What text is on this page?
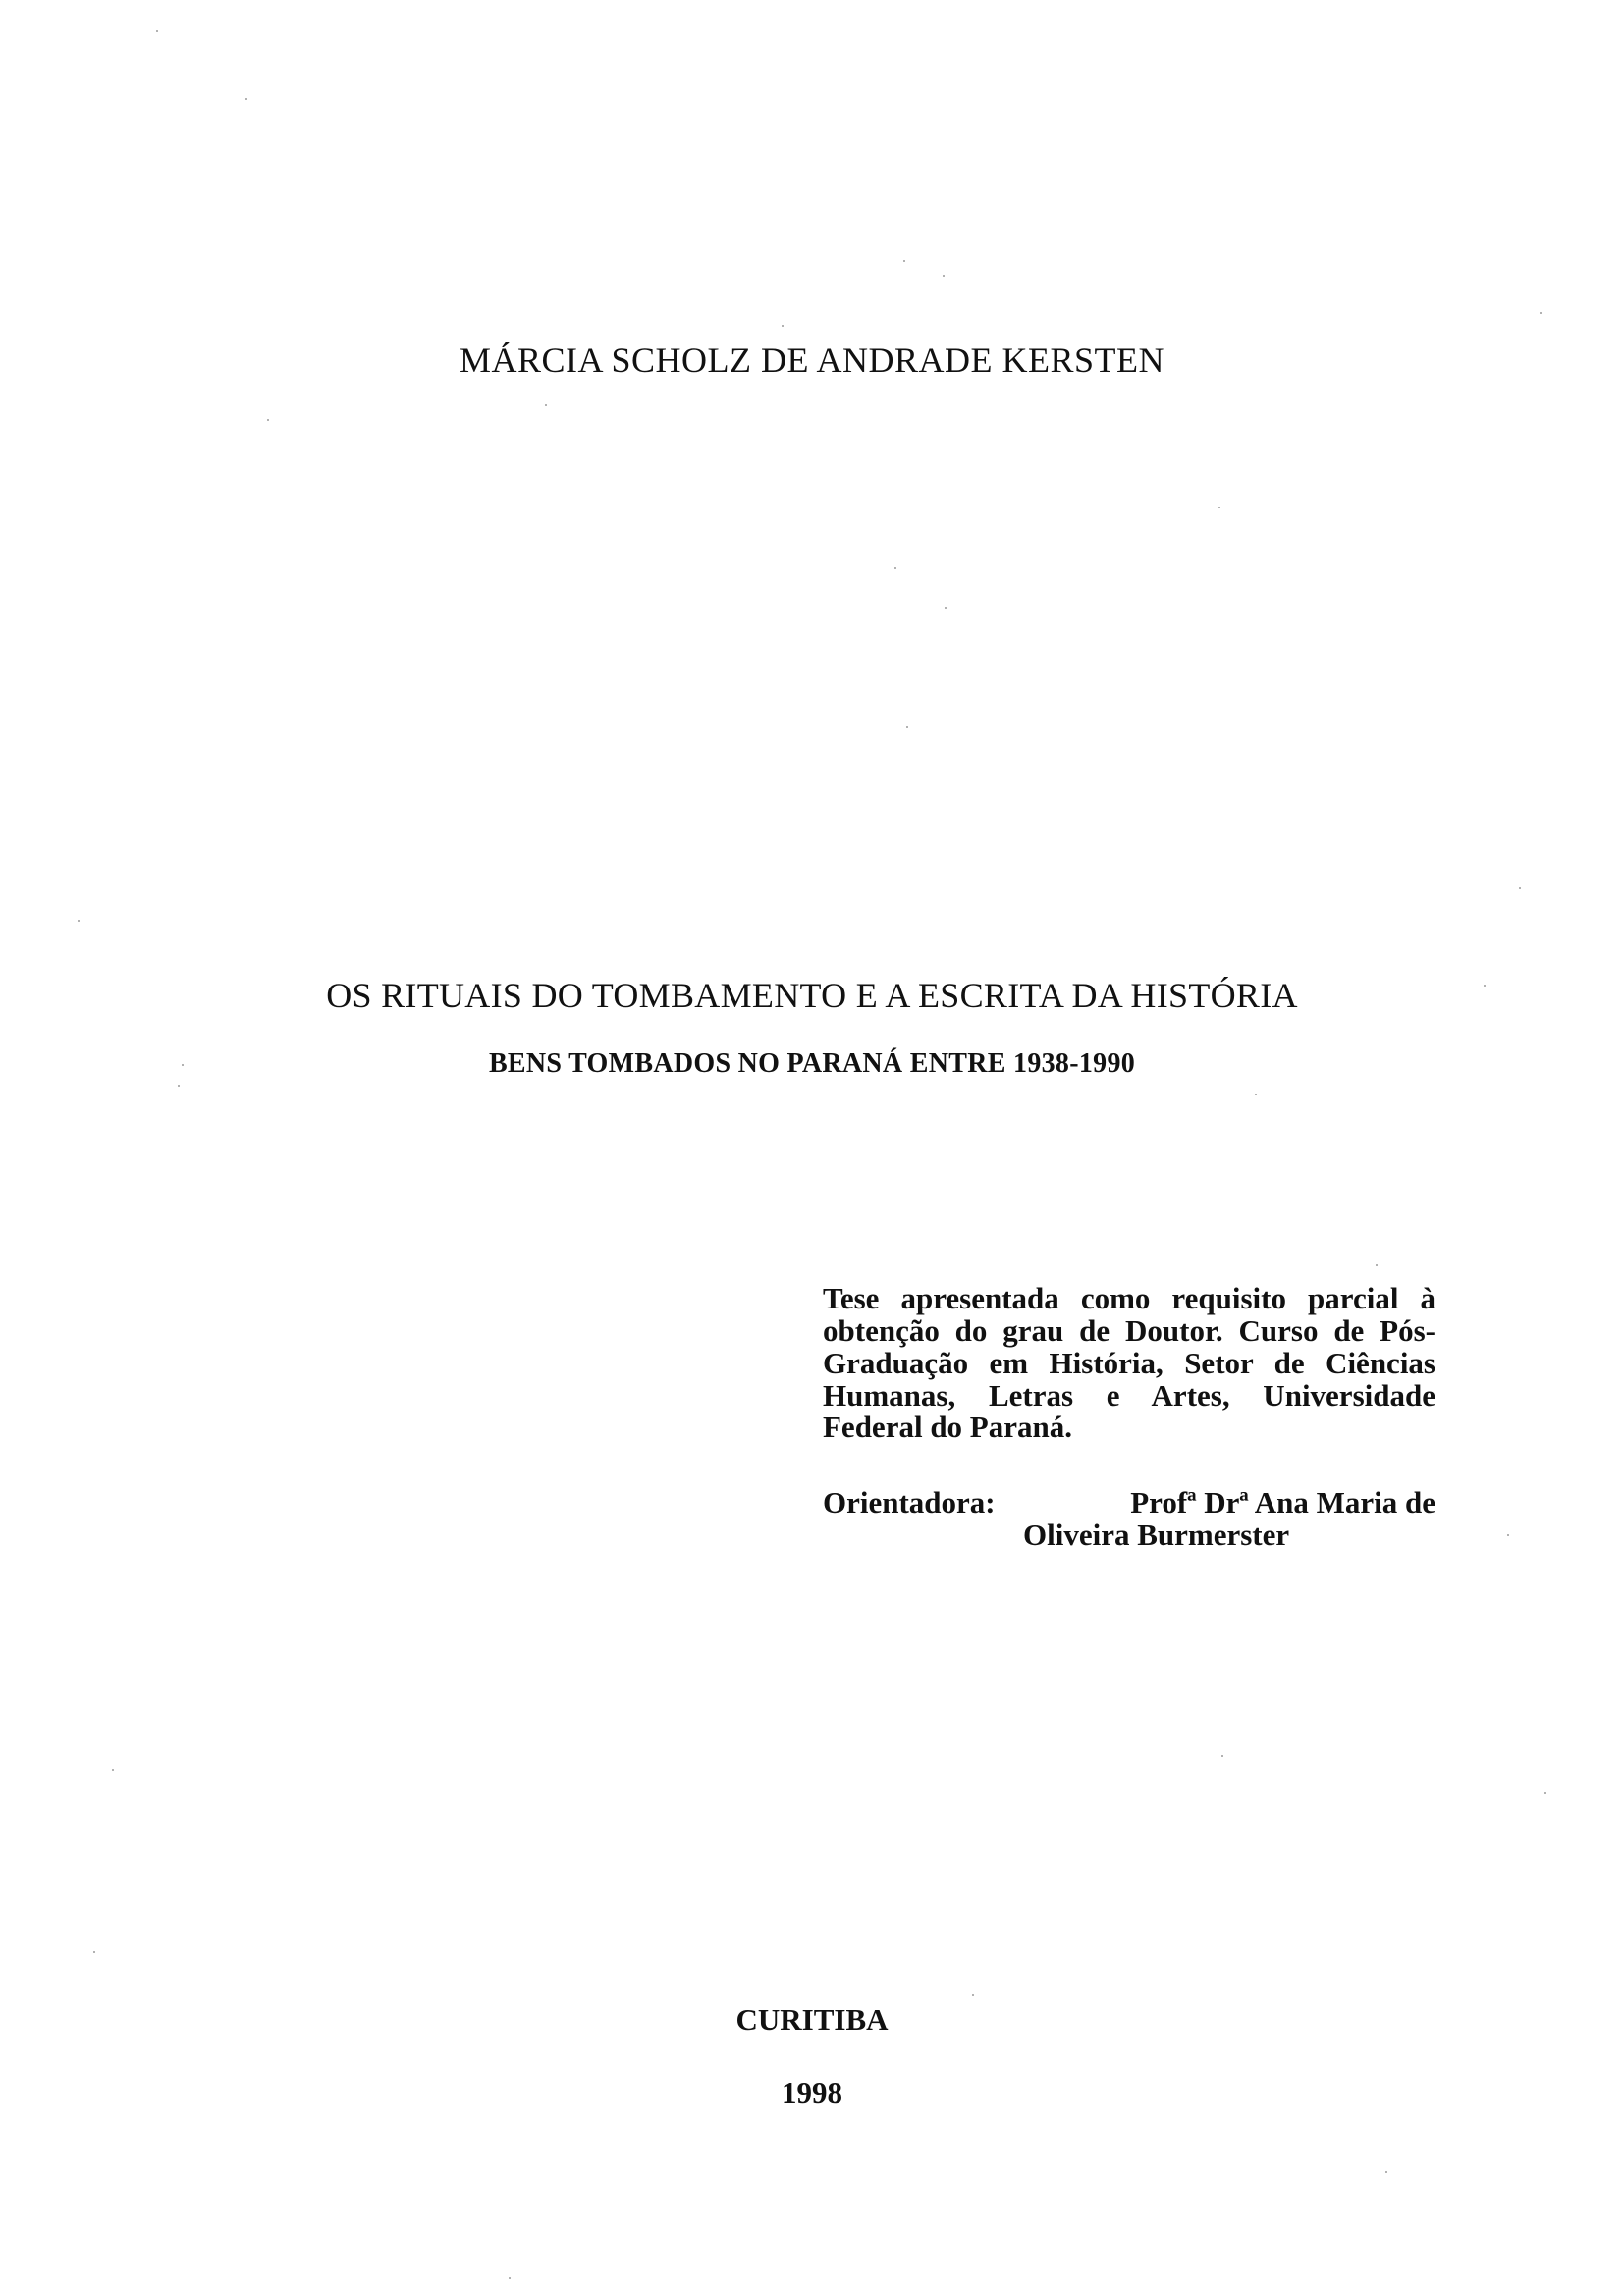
MÁRCIA SCHOLZ DE ANDRADE KERSTEN
OS RITUAIS DO TOMBAMENTO E A ESCRITA DA HISTÓRIA
BENS TOMBADOS NO PARANÁ ENTRE 1938-1990
Tese apresentada como requisito parcial à obtenção do grau de Doutor. Curso de Pós-Graduação em História, Setor de Ciências Humanas, Letras e Artes, Universidade Federal do Paraná.
Orientadora:	Profª Drª Ana Maria de
Oliveira Burmerster
CURITIBA
1998
